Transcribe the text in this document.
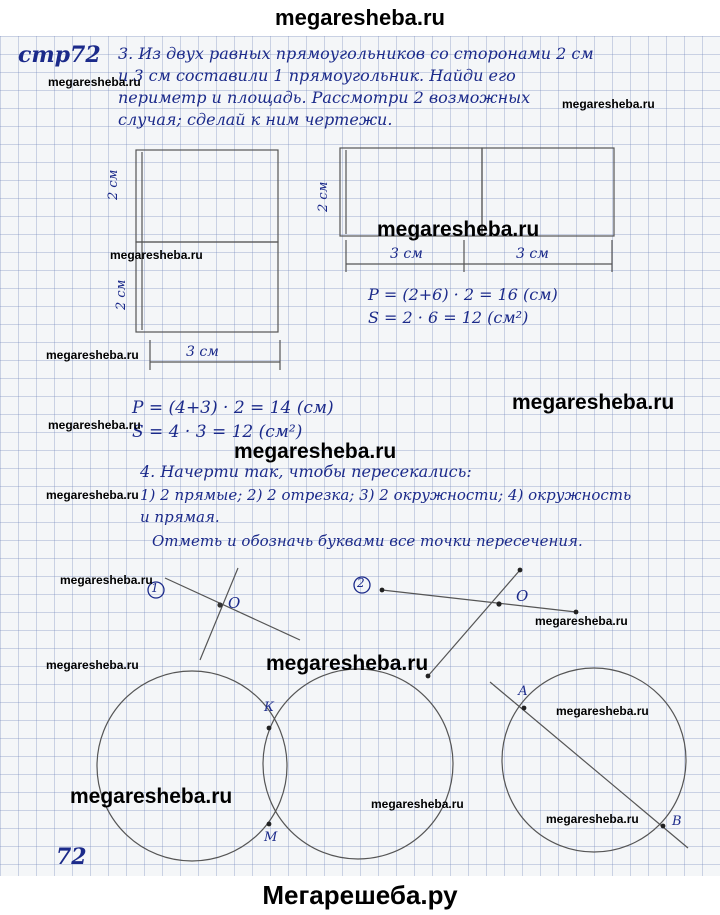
megaresheba.ru
стр72 3. Из двух равных прямоугольников со сторонами 2 см
и 3 см составили 1 прямоугольник. Найди его
периметр и площадь. Рассмотри 2 возможных
случая; сделай к ним чертежи.
2 см
2 см
3 см
2 см
3 см	3 см
P = (2+6) · 2 = 16 (см)
S = 2 · 6 = 12 (см²)
P = (4+3) · 2 = 14 (см)
S = 4 · 3 = 12 (см²)
4. Начерти так, чтобы пересекались:
1) 2 прямые; 2) 2 отрезка; 3) 2 окружности; 4) окружность
и прямая.
Отметь и обозначь буквами все точки пересечения.
1	2
О	О
К
М
А
В
72
megaresheba.ru
megaresheba.ru
megaresheba.ru
megaresheba.ru
megaresheba.ru
megaresheba.ru
megaresheba.ru
megaresheba.ru
megaresheba.ru
megaresheba.ru
megaresheba.ru
megaresheba.ru
megaresheba.ru
megaresheba.ru
megaresheba.ru	megaresheba.ru
megaresheba.ru
Мегарешеба.ру
